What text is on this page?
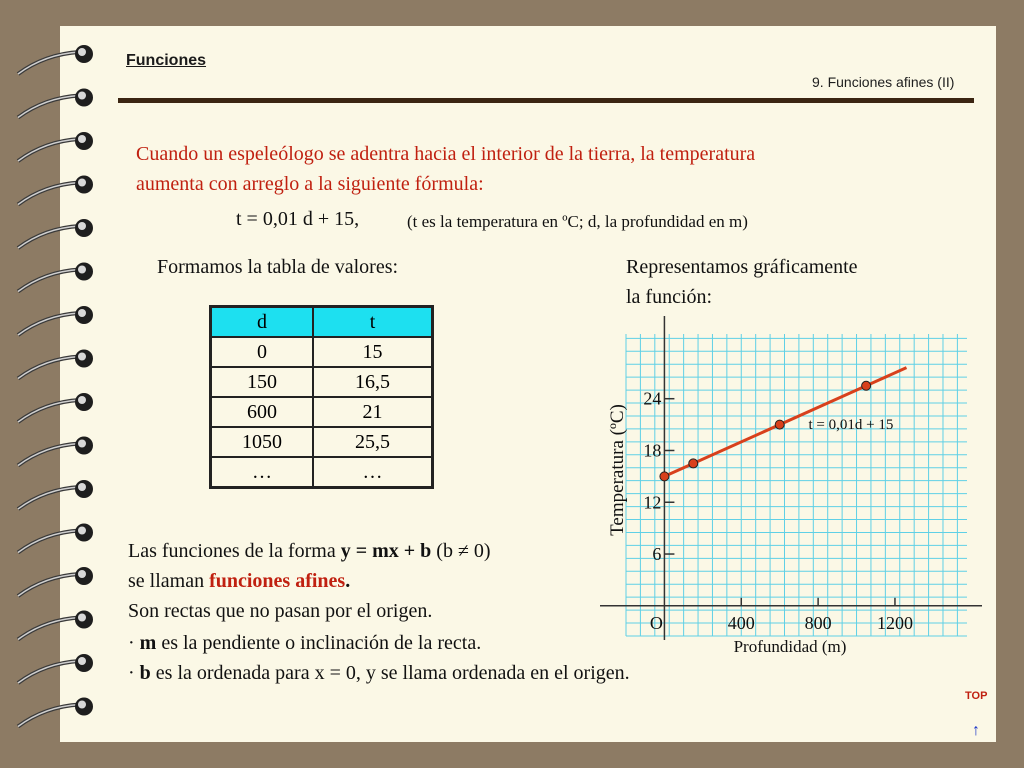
Funciones
9. Funciones afines (II)
Cuando un espeleólogo se adentra hacia el interior de la tierra, la temperatura
aumenta con arreglo a la siguiente fórmula:
t = 0,01 d + 15,	(t es la temperatura en ºC; d, la profundidad en m)
Formamos la tabla de valores:	Representamos gráficamente
la función:
d	t
0	15
150	16,5
600	21
1050	25,5
…	…
O	400	800	1200
6
12
18
24
t = 0,01d + 15
Profundidad (m)
Temperatura (ºC)
Las funciones de la forma y = mx + b (b ≠ 0)
se llaman funciones afines.
Son rectas que no pasan por el origen.
· m es la pendiente o inclinación de la recta.
· b es la ordenada para x = 0, y se llama ordenada en el origen.
TOP
↑
